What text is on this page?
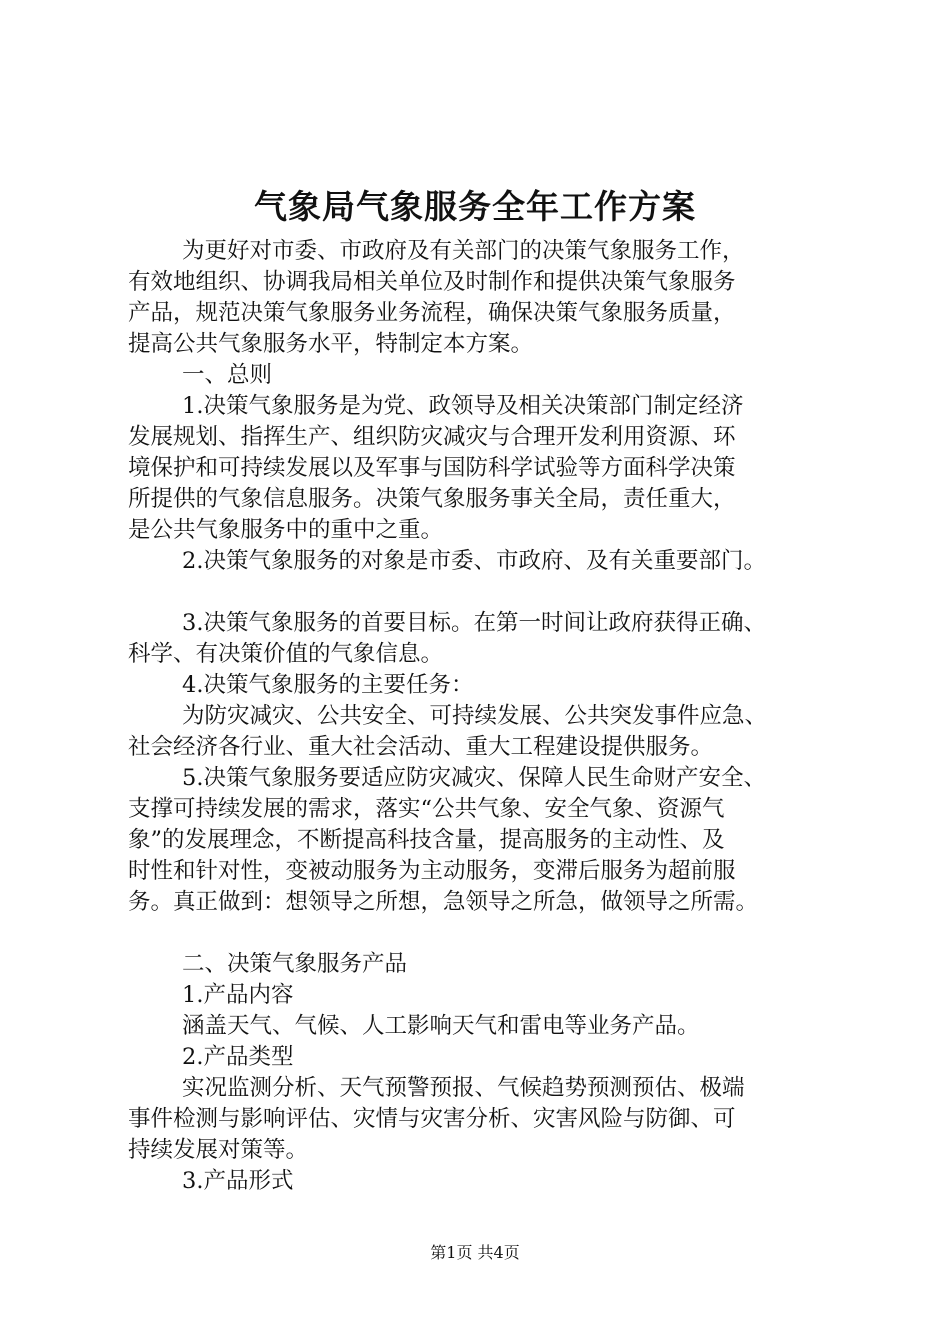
气象局气象服务全年工作方案

为更好对市委、市政府及有关部门的决策气象服务工作，

有效地组织、协调我局相关单位及时制作和提供决策气象服务

产品，规范决策气象服务业务流程，确保决策气象服务质量，

提高公共气象服务水平，特制定本方案。

一、总则

1.决策气象服务是为党、政领导及相关决策部门制定经济

发展规划、指挥生产、组织防灾减灾与合理开发利用资源、环

境保护和可持续发展以及军事与国防科学试验等方面科学决策

所提供的气象信息服务。决策气象服务事关全局，责任重大，

是公共气象服务中的重中之重。

2.决策气象服务的对象是市委、市政府、及有关重要部门。

3.决策气象服务的首要目标。在第一时间让政府获得正确、

科学、有决策价值的气象信息。

4.决策气象服务的主要任务：

为防灾减灾、公共安全、可持续发展、公共突发事件应急、

社会经济各行业、重大社会活动、重大工程建设提供服务。

5.决策气象服务要适应防灾减灾、保障人民生命财产安全、

支撑可持续发展的需求，落实“公共气象、安全气象、资源气

象”的发展理念，不断提高科技含量，提高服务的主动性、及

时性和针对性，变被动服务为主动服务，变滞后服务为超前服

务。真正做到：想领导之所想，急领导之所急，做领导之所需。

二、决策气象服务产品

1.产品内容

涵盖天气、气候、人工影响天气和雷电等业务产品。

2.产品类型

实况监测分析、天气预警预报、气候趋势预测预估、极端

事件检测与影响评估、灾情与灾害分析、灾害风险与防御、可

持续发展对策等。

3.产品形式

第1页 共4页
